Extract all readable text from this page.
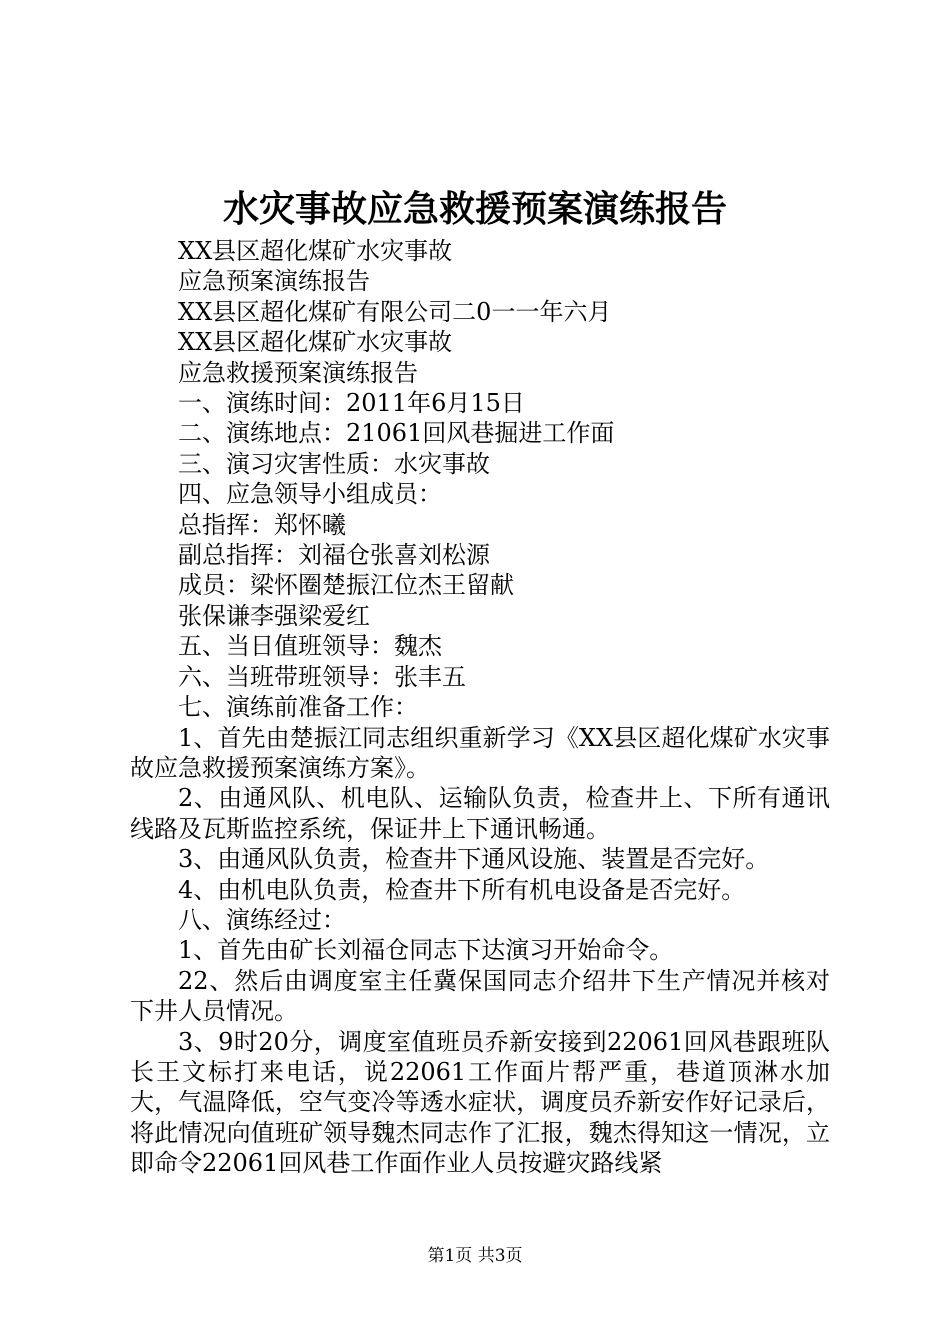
水灾事故应急救援预案演练报告
XX县区超化煤矿水灾事故
应急预案演练报告
XX县区超化煤矿有限公司二0一一年六月
XX县区超化煤矿水灾事故
应急救援预案演练报告
一、演练时间：2011年6月15日
二、演练地点：21061回风巷掘进工作面
三、演习灾害性质：水灾事故
四、应急领导小组成员：
总指挥：郑怀曦
副总指挥：刘福仓张喜刘松源
成员：梁怀圈楚振江位杰王留献
张保谦李强梁爱红
五、当日值班领导：魏杰
六、当班带班领导：张丰五
七、演练前准备工作：
1、首先由楚振江同志组织重新学习《XX县区超化煤矿水灾事故应急救援预案演练方案》。
2、由通风队、机电队、运输队负责，检查井上、下所有通讯线路及瓦斯监控系统，保证井上下通讯畅通。
3、由通风队负责，检查井下通风设施、装置是否完好。
4、由机电队负责，检查井下所有机电设备是否完好。
八、演练经过：
1、首先由矿长刘福仓同志下达演习开始命令。
22、然后由调度室主任冀保国同志介绍井下生产情况并核对下井人员情况。
3、9时20分，调度室值班员乔新安接到22061回风巷跟班队长王文标打来电话，说22061工作面片帮严重，巷道顶淋水加大，气温降低，空气变冷等透水症状，调度员乔新安作好记录后，将此情况向值班矿领导魏杰同志作了汇报，魏杰得知这一情况，立即命令22061回风巷工作面作业人员按避灾路线紧
第1页 共3页
